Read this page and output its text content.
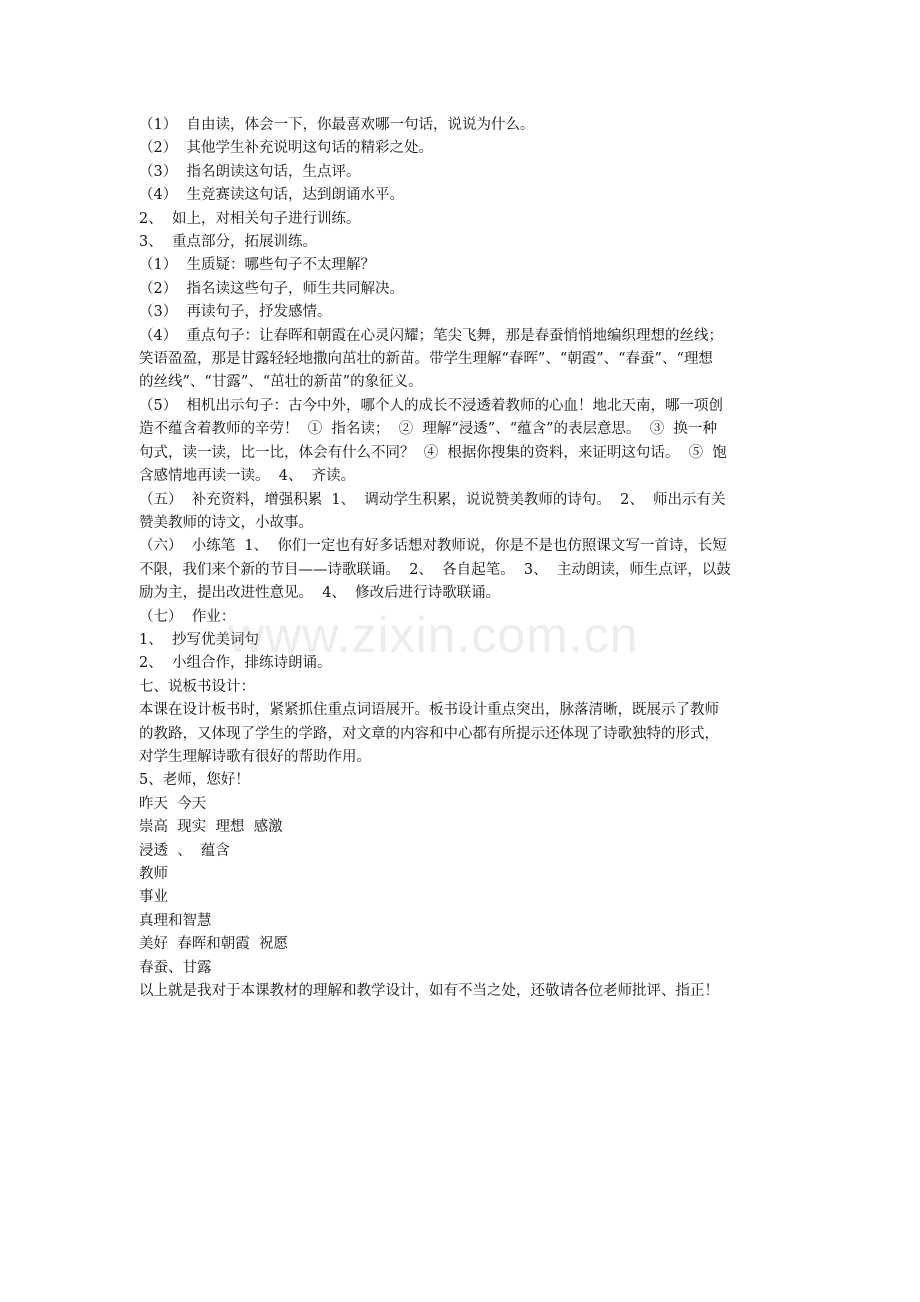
（1）  自由读，体会一下，你最喜欢哪一句话，说说为什么。

（2）  其他学生补充说明这句话的精彩之处。

（3）  指名朗读这句话，生点评。

（4）  生竞赛读这句话，达到朗诵水平。

2、  如上，对相关句子进行训练。

3、  重点部分，拓展训练。

（1）  生质疑：哪些句子不太理解？

（2）  指名读这些句子，师生共同解决。

（3）  再读句子，抒发感情。

（4）  重点句子：让春晖和朝霞在心灵闪耀；笔尖飞舞，那是春蚕悄悄地编织理想的丝线；

笑语盈盈，那是甘露轻轻地撒向茁壮的新苗。带学生理解“春晖”、“朝霞”、“春蚕”、“理想

的丝线”、“甘露”、“茁壮的新苗”的象征义。

（5）  相机出示句子：古今中外，哪个人的成长不浸透着教师的心血！地北天南，哪一项创

造不蕴含着教师的辛劳！  ①  指名读；  ②  理解“浸透”、“蕴含”的表层意思。  ③  换一种

句式，读一读，比一比，体会有什么不同？  ④  根据你搜集的资料，来证明这句话。  ⑤  饱

含感情地再读一读。  4、  齐读。

（五）  补充资料，增强积累  1、  调动学生积累，说说赞美教师的诗句。  2、  师出示有关

赞美教师的诗文，小故事。

（六）  小练笔  1、  你们一定也有好多话想对教师说，你是不是也仿照课文写一首诗，长短

不限，我们来个新的节目——诗歌联诵。  2、  各自起笔。  3、  主动朗读，师生点评，以鼓

励为主，提出改进性意见。  4、  修改后进行诗歌联诵。

（七）  作业：

1、  抄写优美词句

2、  小组合作，排练诗朗诵。

七、说板书设计：

本课在设计板书时，紧紧抓住重点词语展开。板书设计重点突出，脉落清晰，既展示了教师

的教路，又体现了学生的学路，对文章的内容和中心都有所提示还体现了诗歌独特的形式，

对学生理解诗歌有很好的帮助作用。

5、老师，您好！

昨天  今天

崇高  现实  理想  感激

浸透  、  蕴含

教师

事业

真理和智慧

美好  春晖和朝霞  祝愿

春蚕、甘露

以上就是我对于本课教材的理解和教学设计，如有不当之处，还敬请各位老师批评、指正！

www.zixin.com.cn
